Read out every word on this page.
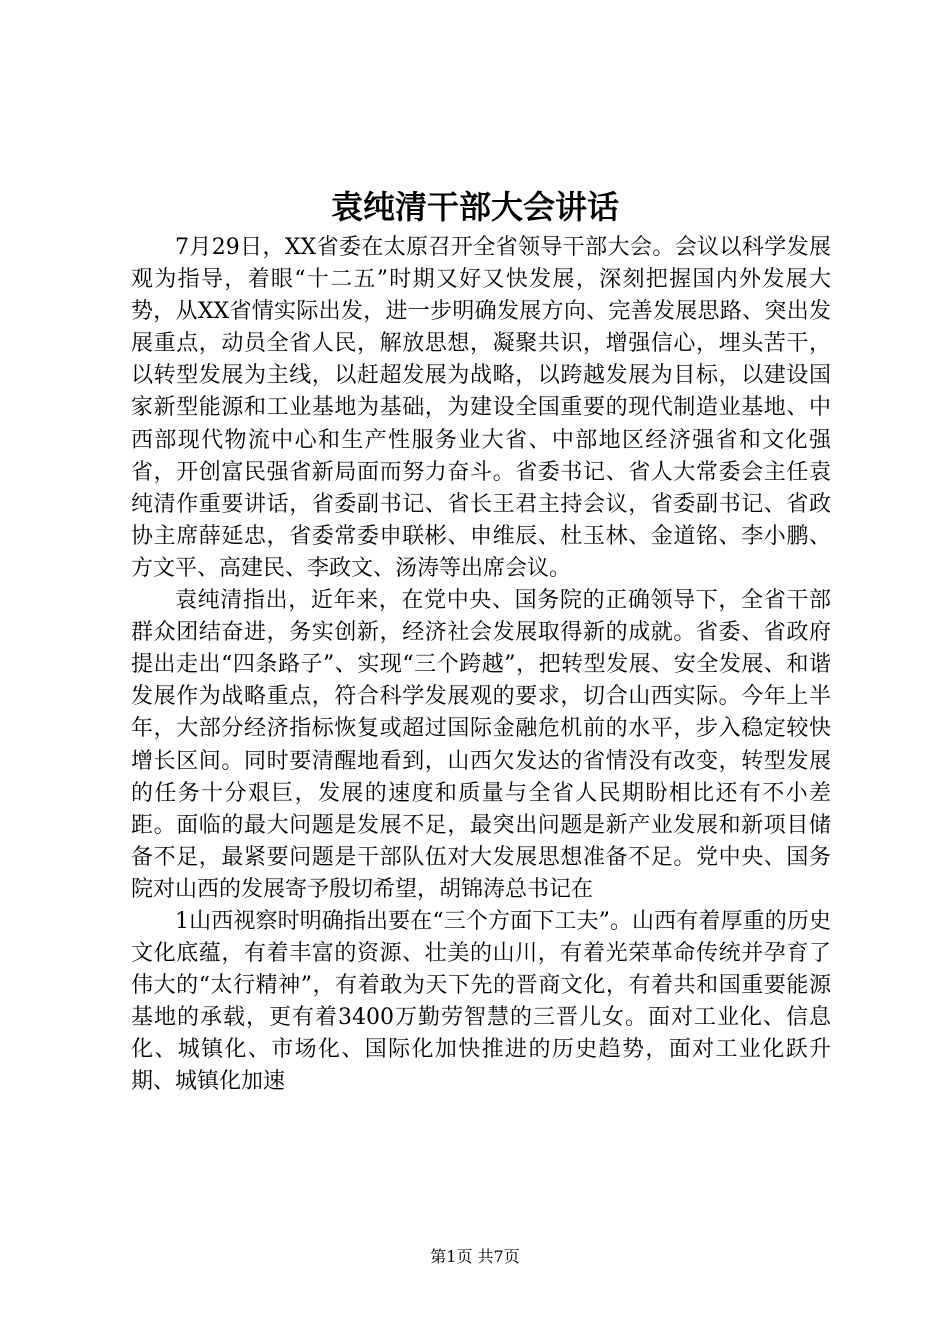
袁纯清干部大会讲话

7月29日，XX省委在太原召开全省领导干部大会。会议以科学发展观为指导，着眼“十二五”时期又好又快发展，深刻把握国内外发展大势，从XX省情实际出发，进一步明确发展方向、完善发展思路、突出发展重点，动员全省人民，解放思想，凝聚共识，增强信心，埋头苦干，以转型发展为主线，以赶超发展为战略，以跨越发展为目标，以建设国家新型能源和工业基地为基础，为建设全国重要的现代制造业基地、中西部现代物流中心和生产性服务业大省、中部地区经济强省和文化强省，开创富民强省新局面而努力奋斗。省委书记、省人大常委会主任袁纯清作重要讲话，省委副书记、省长王君主持会议，省委副书记、省政协主席薛延忠，省委常委申联彬、申维辰、杜玉林、金道铭、李小鹏、方文平、高建民、李政文、汤涛等出席会议。

袁纯清指出，近年来，在党中央、国务院的正确领导下，全省干部群众团结奋进，务实创新，经济社会发展取得新的成就。省委、省政府提出走出“四条路子”、实现“三个跨越”，把转型发展、安全发展、和谐发展作为战略重点，符合科学发展观的要求，切合山西实际。今年上半年，大部分经济指标恢复或超过国际金融危机前的水平，步入稳定较快增长区间。同时要清醒地看到，山西欠发达的省情没有改变，转型发展的任务十分艰巨，发展的速度和质量与全省人民期盼相比还有不小差距。面临的最大问题是发展不足，最突出问题是新产业发展和新项目储备不足，最紧要问题是干部队伍对大发展思想准备不足。党中央、国务院对山西的发展寄予殷切希望，胡锦涛总书记在

1山西视察时明确指出要在“三个方面下工夫”。山西有着厚重的历史文化底蕴，有着丰富的资源、壮美的山川，有着光荣革命传统并孕育了伟大的“太行精神”，有着敢为天下先的晋商文化，有着共和国重要能源基地的承载，更有着3400万勤劳智慧的三晋儿女。面对工业化、信息化、城镇化、市场化、国际化加快推进的历史趋势，面对工业化跃升期、城镇化加速

第1页 共7页
